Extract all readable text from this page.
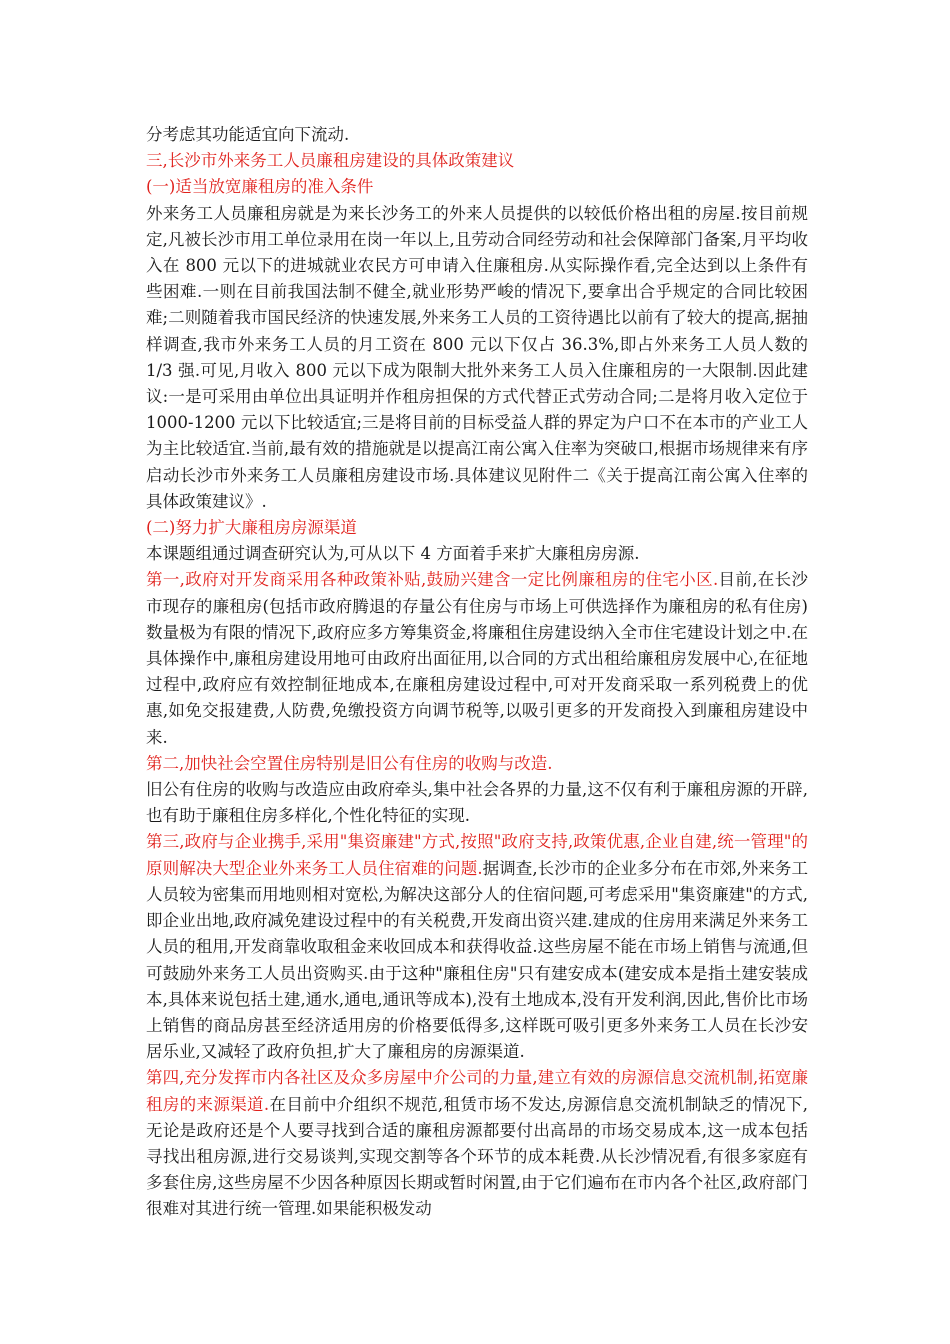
分考虑其功能适宜向下流动.

三,长沙市外来务工人员廉租房建设的具体政策建议

(一)适当放宽廉租房的准入条件

外来务工人员廉租房就是为来长沙务工的外来人员提供的以较低价格出租的房屋.按目前规定,凡被长沙市用工单位录用在岗一年以上,且劳动合同经劳动和社会保障部门备案,月平均收入在 800 元以下的进城就业农民方可申请入住廉租房.从实际操作看,完全达到以上条件有些困难.一则在目前我国法制不健全,就业形势严峻的情况下,要拿出合乎规定的合同比较困难;二则随着我市国民经济的快速发展,外来务工人员的工资待遇比以前有了较大的提高,据抽样调查,我市外来务工人员的月工资在 800 元以下仅占 36.3%,即占外来务工人员人数的 1/3 强.可见,月收入 800 元以下成为限制大批外来务工人员入住廉租房的一大限制.因此建议:一是可采用由单位出具证明并作租房担保的方式代替正式劳动合同;二是将月收入定位于 1000-1200 元以下比较适宜;三是将目前的目标受益人群的界定为户口不在本市的产业工人为主比较适宜.当前,最有效的措施就是以提高江南公寓入住率为突破口,根据市场规律来有序启动长沙市外来务工人员廉租房建设市场.具体建议见附件二《关于提高江南公寓入住率的具体政策建议》.

(二)努力扩大廉租房房源渠道

本课题组通过调查研究认为,可从以下 4 方面着手来扩大廉租房房源.

第一,政府对开发商采用各种政策补贴,鼓励兴建含一定比例廉租房的住宅小区.目前,在长沙市现存的廉租房(包括市政府腾退的存量公有住房与市场上可供选择作为廉租房的私有住房)数量极为有限的情况下,政府应多方筹集资金,将廉租住房建设纳入全市住宅建设计划之中.在具体操作中,廉租房建设用地可由政府出面征用,以合同的方式出租给廉租房发展中心,在征地过程中,政府应有效控制征地成本,在廉租房建设过程中,可对开发商采取一系列税费上的优惠,如免交报建费,人防费,免缴投资方向调节税等,以吸引更多的开发商投入到廉租房建设中来.

第二,加快社会空置住房特别是旧公有住房的收购与改造.

旧公有住房的收购与改造应由政府牵头,集中社会各界的力量,这不仅有利于廉租房源的开辟,也有助于廉租住房多样化,个性化特征的实现.

第三,政府与企业携手,采用"集资廉建"方式,按照"政府支持,政策优惠,企业自建,统一管理"的原则解决大型企业外来务工人员住宿难的问题.据调查,长沙市的企业多分布在市郊,外来务工人员较为密集而用地则相对宽松,为解决这部分人的住宿问题,可考虑采用"集资廉建"的方式,即企业出地,政府减免建设过程中的有关税费,开发商出资兴建.建成的住房用来满足外来务工人员的租用,开发商靠收取租金来收回成本和获得收益.这些房屋不能在市场上销售与流通,但可鼓励外来务工人员出资购买.由于这种"廉租住房"只有建安成本(建安成本是指土建安装成本,具体来说包括土建,通水,通电,通讯等成本),没有土地成本,没有开发利润,因此,售价比市场上销售的商品房甚至经济适用房的价格要低得多,这样既可吸引更多外来务工人员在长沙安居乐业,又减轻了政府负担,扩大了廉租房的房源渠道.

第四,充分发挥市内各社区及众多房屋中介公司的力量,建立有效的房源信息交流机制,拓宽廉租房的来源渠道.在目前中介组织不规范,租赁市场不发达,房源信息交流机制缺乏的情况下,无论是政府还是个人要寻找到合适的廉租房源都要付出高昂的市场交易成本,这一成本包括寻找出租房源,进行交易谈判,实现交割等各个环节的成本耗费.从长沙情况看,有很多家庭有多套住房,这些房屋不少因各种原因长期或暂时闲置,由于它们遍布在市内各个社区,政府部门很难对其进行统一管理.如果能积极发动
